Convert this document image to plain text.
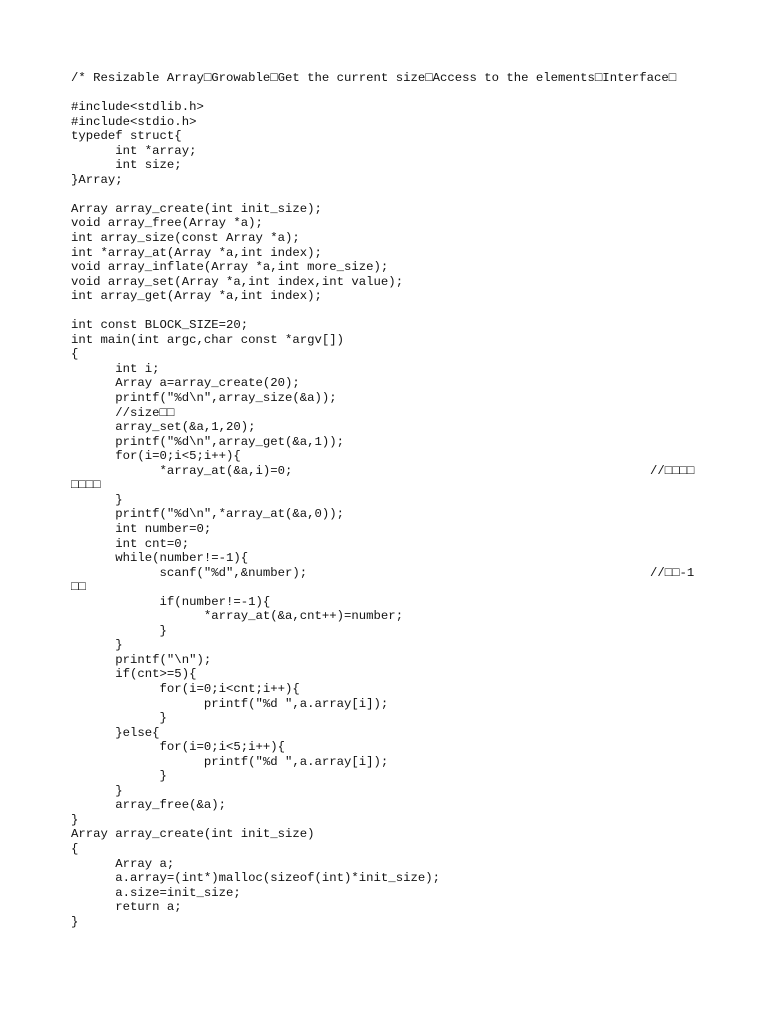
/* Resizable Array□Growable□Get the current size□Access to the elements□Interface□
#include<stdlib.h>
#include<stdio.h>
typedef struct{
int *array;
int size;
}Array;
Array array_create(int init_size);
void array_free(Array *a);
int array_size(const Array *a);
int *array_at(Array *a,int index);
void array_inflate(Array *a,int more_size);
void array_set(Array *a,int index,int value);
int array_get(Array *a,int index);
int const BLOCK_SIZE=20;
int main(int argc,char const *argv[])
{
int i;
Array a=array_create(20);
printf("%d\n",array_size(&a));
//size□□
array_set(&a,1,20);
printf("%d\n",array_get(&a,1));
for(i=0;i<5;i++){
*array_at(&a,i)=0;	//□□□□
□□□□
}
printf("%d\n",*array_at(&a,0));
int number=0;
int cnt=0;
while(number!=-1){
scanf("%d",&number);	//□□-1
□□
if(number!=-1){
*array_at(&a,cnt++)=number;
}
}
printf("\n");
if(cnt>=5){
for(i=0;i<cnt;i++){
printf("%d ",a.array[i]);
}
}else{
for(i=0;i<5;i++){
printf("%d ",a.array[i]);
}
}
array_free(&a);
}
Array array_create(int init_size)
{
Array a;
a.array=(int*)malloc(sizeof(int)*init_size);
a.size=init_size;
return a;
}
